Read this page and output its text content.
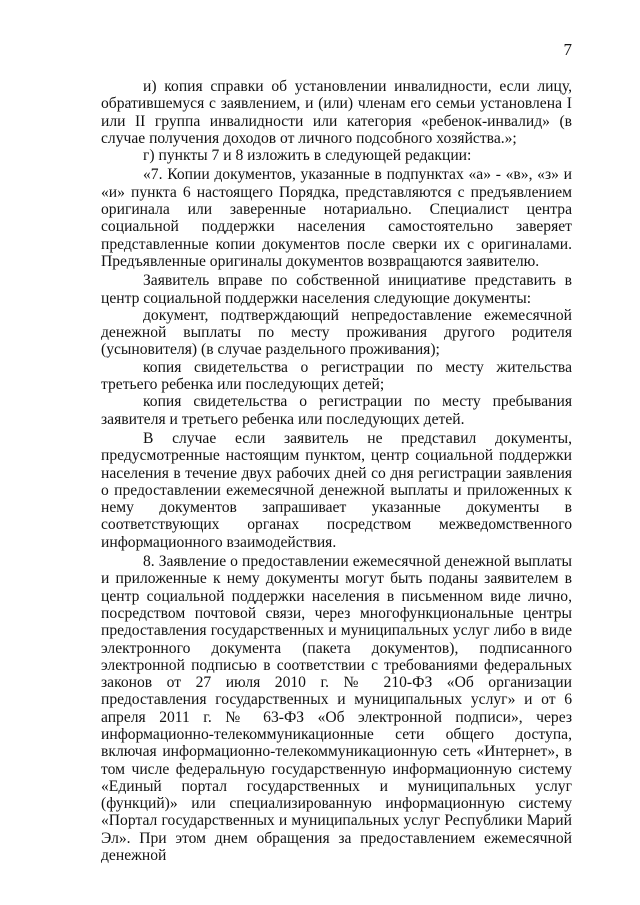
7

и) копия справки об установлении инвалидности, если лицу, обратившемуся с заявлением, и (или) членам его семьи установлена I или II группа инвалидности или категория «ребенок-инвалид» (в случае получения доходов от личного подсобного хозяйства.»;

г) пункты 7 и 8 изложить в следующей редакции:

«7. Копии документов, указанные в подпунктах «а» - «в», «з» и «и» пункта 6 настоящего Порядка, представляются с предъявлением оригинала или заверенные нотариально. Специалист центра социальной поддержки населения самостоятельно заверяет представленные копии документов после сверки их с оригиналами. Предъявленные оригиналы документов возвращаются заявителю.

Заявитель вправе по собственной инициативе представить в центр социальной поддержки населения следующие документы:

документ, подтверждающий непредоставление ежемесячной денежной выплаты по месту проживания другого родителя (усыновителя) (в случае раздельного проживания);

копия свидетельства о регистрации по месту жительства третьего ребенка или последующих детей;

копия свидетельства о регистрации по месту пребывания заявителя и третьего ребенка или последующих детей.

В случае если заявитель не представил документы, предусмотренные настоящим пунктом, центр социальной поддержки населения в течение двух рабочих дней со дня регистрации заявления о предоставлении ежемесячной денежной выплаты и приложенных к нему документов запрашивает указанные документы в соответствующих органах посредством межведомственного информационного взаимодействия.

8. Заявление о предоставлении ежемесячной денежной выплаты и приложенные к нему документы могут быть поданы заявителем в центр социальной поддержки населения в письменном виде лично, посредством почтовой связи, через многофункциональные центры предоставления государственных и муниципальных услуг либо в виде электронного документа (пакета документов), подписанного электронной подписью в соответствии с требованиями федеральных законов от 27 июля 2010 г. № 210-ФЗ «Об организации предоставления государственных и муниципальных услуг» и от 6 апреля 2011 г. № 63-ФЗ «Об электронной подписи», через информационно-телекоммуникационные сети общего доступа, включая информационно-телекоммуникационную сеть «Интернет», в том числе федеральную государственную информационную систему «Единый портал государственных и муниципальных услуг (функций)» или специализированную информационную систему «Портал государственных и муниципальных услуг Республики Марий Эл». При этом днем обращения за предоставлением ежемесячной денежной
